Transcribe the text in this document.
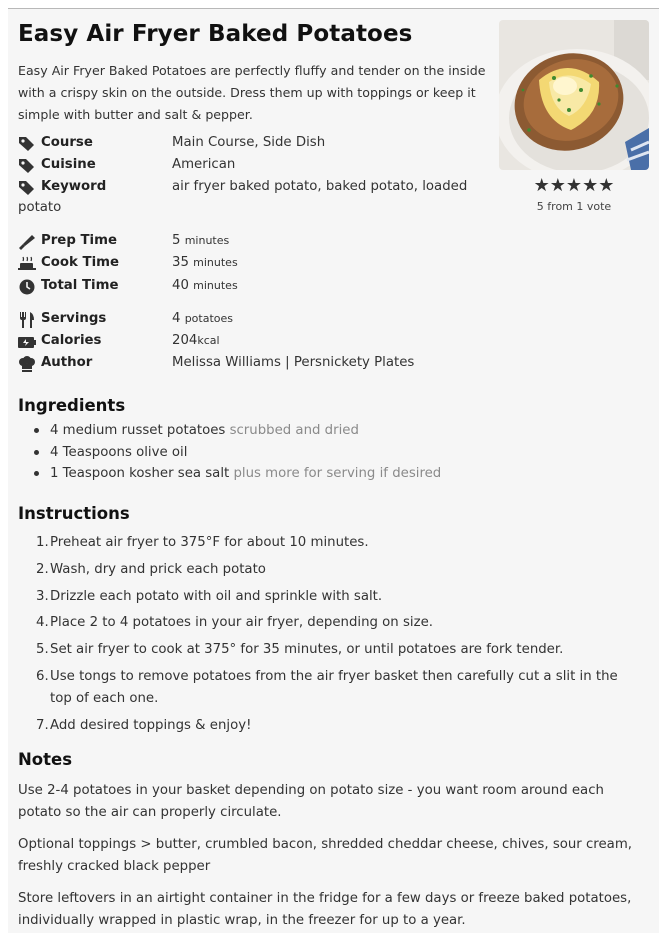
Easy Air Fryer Baked Potatoes

Easy Air Fryer Baked Potatoes are perfectly fluffy and tender on the inside with a crispy skin on the outside. Dress them up with toppings or keep it simple with butter and salt & pepper.

★★★★★
5 from 1 vote
Course	Main Course, Side Dish
Cuisine	American
Keyword	air fryer baked potato, baked potato, loaded
potato
Prep Time	5 minutes
Cook Time	35 minutes
Total Time	40 minutes
Servings	4 potatoes
Calories	204kcal
Author	Melissa Williams | Persnickety Plates
Ingredients
4 medium russet potatoes scrubbed and dried
4 Teaspoons olive oil
1 Teaspoon kosher sea salt plus more for serving if desired
Instructions
1. Preheat air fryer to 375°F for about 10 minutes.
2. Wash, dry and prick each potato
3. Drizzle each potato with oil and sprinkle with salt.
4. Place 2 to 4 potatoes in your air fryer, depending on size.
5. Set air fryer to cook at 375° for 35 minutes, or until potatoes are fork tender.
6. Use tongs to remove potatoes from the air fryer basket then carefully cut a slit in the top of each one.
7. Add desired toppings & enjoy!
Notes

Use 2-4 potatoes in your basket depending on potato size - you want room around each potato so the air can properly circulate.

Optional toppings > butter, crumbled bacon, shredded cheddar cheese, chives, sour cream, freshly cracked black pepper

Store leftovers in an airtight container in the fridge for a few days or freeze baked potatoes, individually wrapped in plastic wrap, in the freezer for up to a year.
